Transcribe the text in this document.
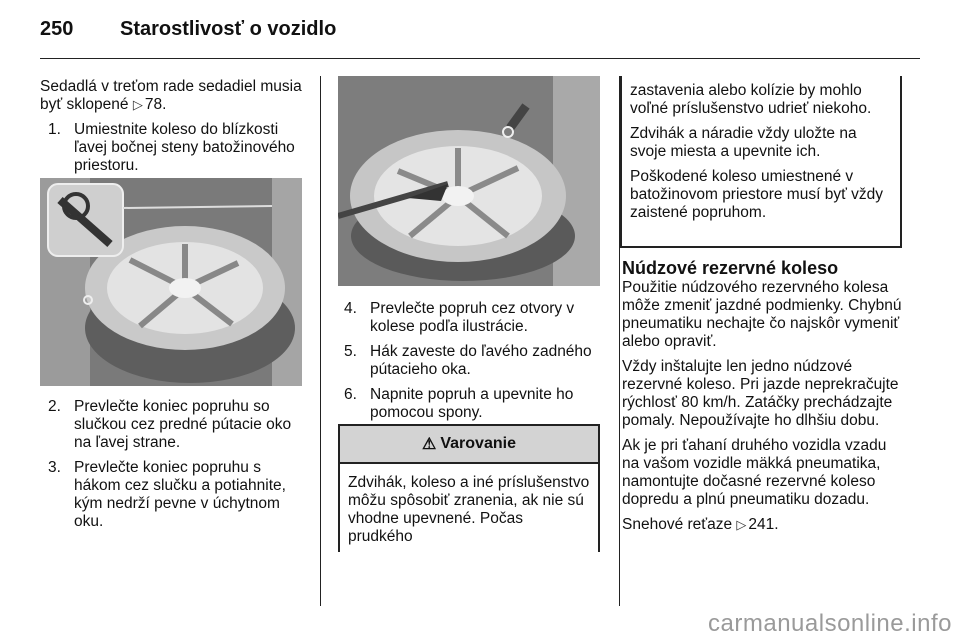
250 Starostlivosť o vozidlo

Sedadlá v treťom rade sedadiel musia byť sklopené ▷ 78.

1. Umiestnite koleso do blízkosti ľavej bočnej steny batožinového priestoru.
2. Prevlečte koniec popruhu so slučkou cez predné pútacie oko na ľavej strane.
3. Prevlečte koniec popruhu s hákom cez slučku a potiahnite, kým nedrží pevne v úchytnom oku.
4. Prevlečte popruh cez otvory v kolese podľa ilustrácie.
5. Hák zaveste do ľavého zadného pútacieho oka.
6. Napnite popruh a upevnite ho pomocou spony.
⚠ Varovanie
Zdvihák, koleso a iné príslušenstvo môžu spôsobiť zranenia, ak nie sú vhodne upevnené. Počas prudkého

zastavenia alebo kolízie by mohlo voľné príslušenstvo udrieť niekoho.

Zdvihák a náradie vždy uložte na svoje miesta a upevnite ich.

Poškodené koleso umiestnené v batožinovom priestore musí byť vždy zaistené popruhom.

Núdzové rezervné koleso

Použitie núdzového rezervného kolesa môže zmeniť jazdné podmienky. Chybnú pneumatiku nechajte čo najskôr vymeniť alebo opraviť.

Vždy inštalujte len jedno núdzové rezervné koleso. Pri jazde neprekračujte rýchlosť 80 km/h. Zatáčky prechádzajte pomaly. Nepoužívajte ho dlhšiu dobu.

Ak je pri ťahaní druhého vozidla vzadu na vašom vozidle mäkká pneumatika, namontujte dočasné rezervné koleso dopredu a plnú pneumatiku dozadu.

Snehové reťaze ▷ 241.

carmanualsonline.info
